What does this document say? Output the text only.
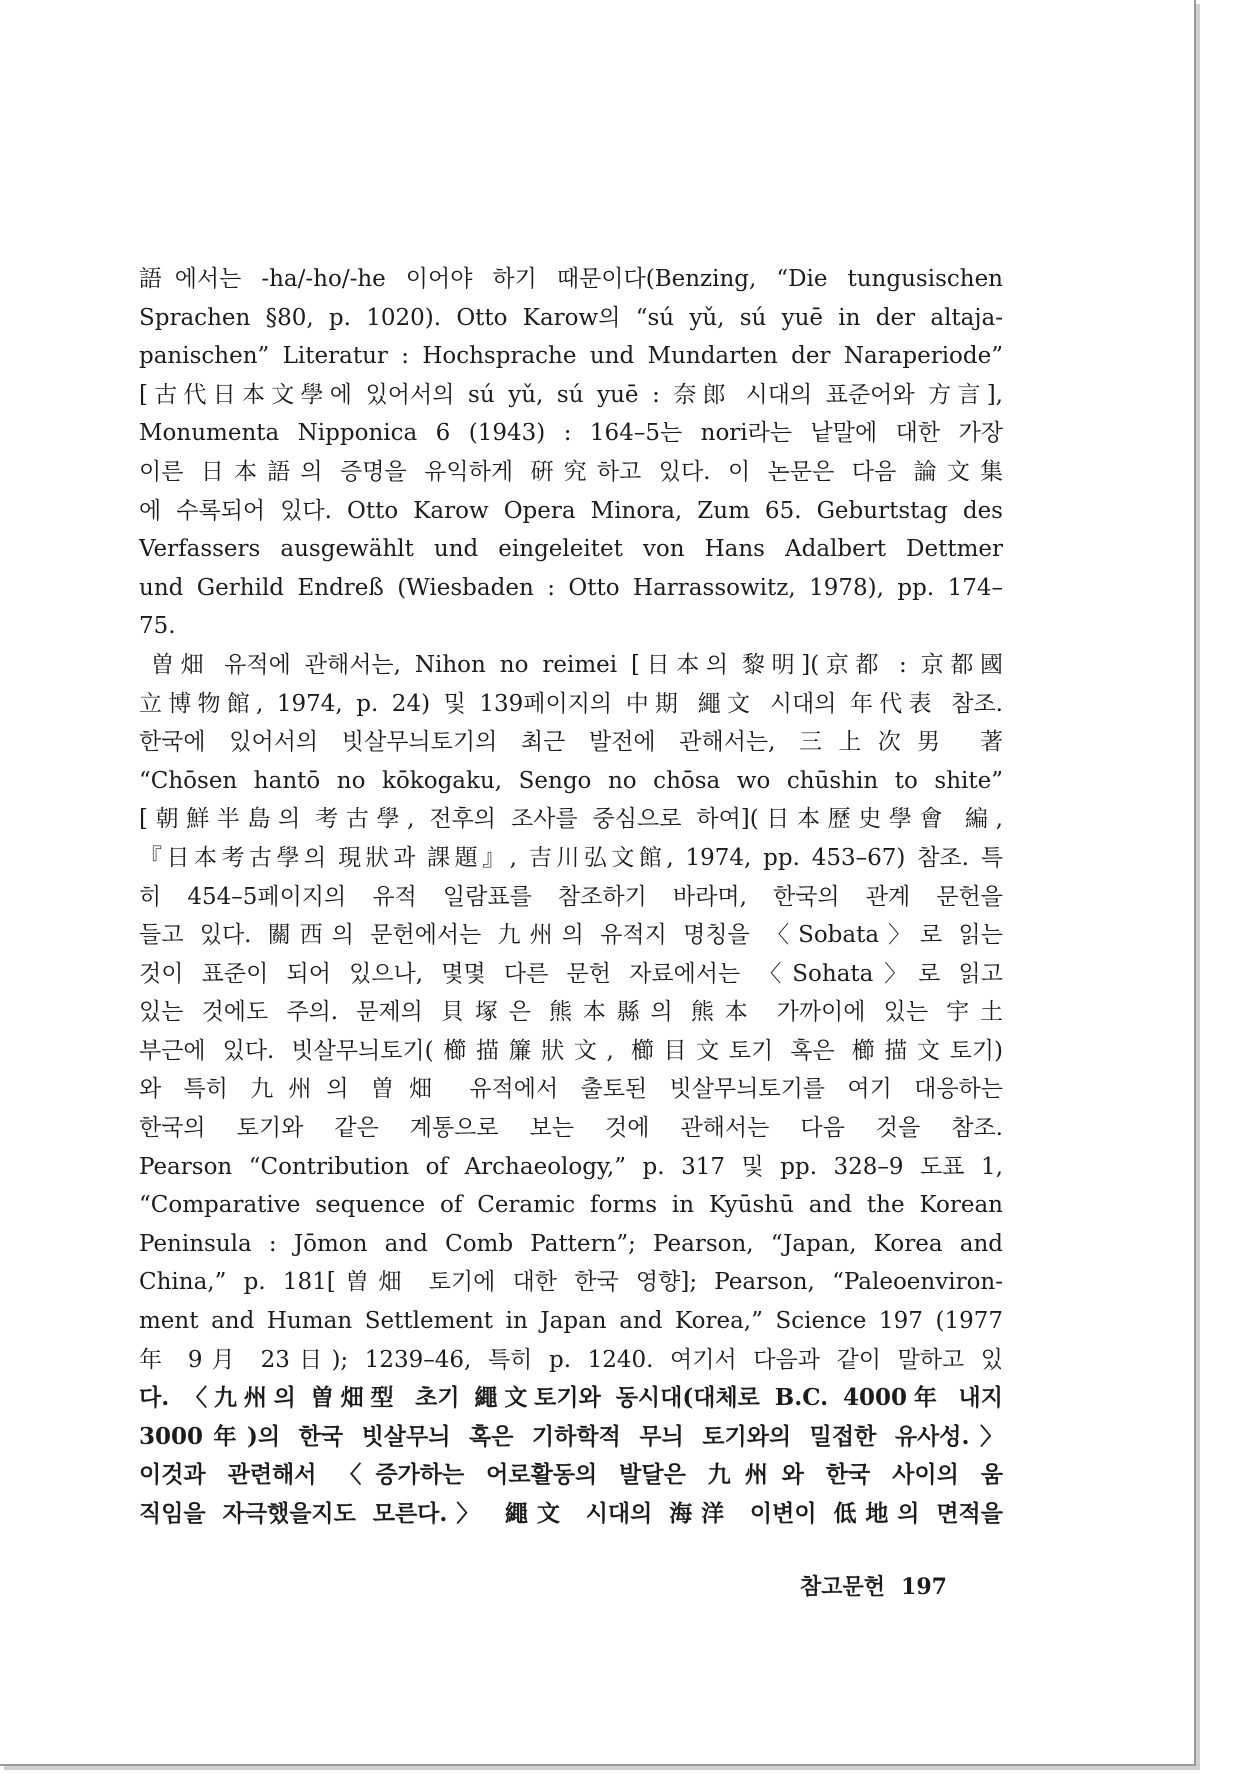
語에서는 -ha/-ho/-he 이어야 하기 때문이다(Benzing, “Die tungusischen
Sprachen §80, p. 1020). Otto Karow의 “sú yǔ, sú yuē in der altaja-
panischen” Literatur : Hochsprache und Mundarten der Naraperiode”
[古代日本文學에 있어서의 sú yǔ, sú yuē : 奈郎 시대의 표준어와 方言],
Monumenta Nipponica 6 (1943) : 164–5는 nori라는 낱말에 대한 가장
이른 日本語의 증명을 유익하게 硏究하고 있다. 이 논문은 다음 論文集
에 수록되어 있다. Otto Karow Opera Minora, Zum 65. Geburtstag des
Verfassers ausgewählt und eingeleitet von Hans Adalbert Dettmer
und Gerhild Endreß (Wiesbaden : Otto Harrassowitz, 1978), pp. 174–
75.
曽畑 유적에 관해서는, Nihon no reimei [日本의 黎明](京都 : 京都國
立博物館, 1974, p. 24) 및 139페이지의 中期 繩文 시대의 年代表 참조.
한국에 있어서의 빗살무늬토기의 최근 발전에 관해서는, 三上次男 著
“Chōsen hantō no kōkogaku, Sengo no chōsa wo chūshin to shite”
[朝鮮半島의 考古學, 전후의 조사를 중심으로 하여](日本歷史學會 編,
『日本考古學의 現狀과 課題』, 吉川弘文館, 1974, pp. 453–67) 참조. 특
히 454–5페이지의 유적 일람표를 참조하기 바라며, 한국의 관계 문헌을
들고 있다. 關西의 문헌에서는 九州의 유적지 명칭을 〈Sobata〉로 읽는
것이 표준이 되어 있으나, 몇몇 다른 문헌 자료에서는 〈Sohata〉로 읽고
있는 것에도 주의. 문제의 貝塚은 熊本縣의 熊本 가까이에 있는 宇土
부근에 있다. 빗살무늬토기(櫛描簾狀文, 櫛目文토기 혹은 櫛描文토기)
와 특히 九州의 曽畑 유적에서 출토된 빗살무늬토기를 여기 대응하는
한국의 토기와 같은 계통으로 보는 것에 관해서는 다음 것을 참조.
Pearson “Contribution of Archaeology,” p. 317 및 pp. 328–9 도표 1,
“Comparative sequence of Ceramic forms in Kyūshū and the Korean
Peninsula : Jōmon and Comb Pattern”; Pearson, “Japan, Korea and
China,” p. 181[曽畑 토기에 대한 한국 영향]; Pearson, “Paleoenviron-
ment and Human Settlement in Japan and Korea,” Science 197 (1977
年 9月 23日); 1239–46, 특히 p. 1240. 여기서 다음과 같이 말하고 있
다. 〈九州의 曽畑型 초기 繩文토기와 동시대(대체로 B.C. 4000年 내지
3000年)의 한국 빗살무늬 혹은 기하학적 무늬 토기와의 밀접한 유사성.〉
이것과 관련해서 〈증가하는 어로활동의 발달은 九州와 한국 사이의 움
직임을 자극했을지도 모른다.〉 繩文 시대의 海洋 이변이 低地의 면적을
참고문헌 197
